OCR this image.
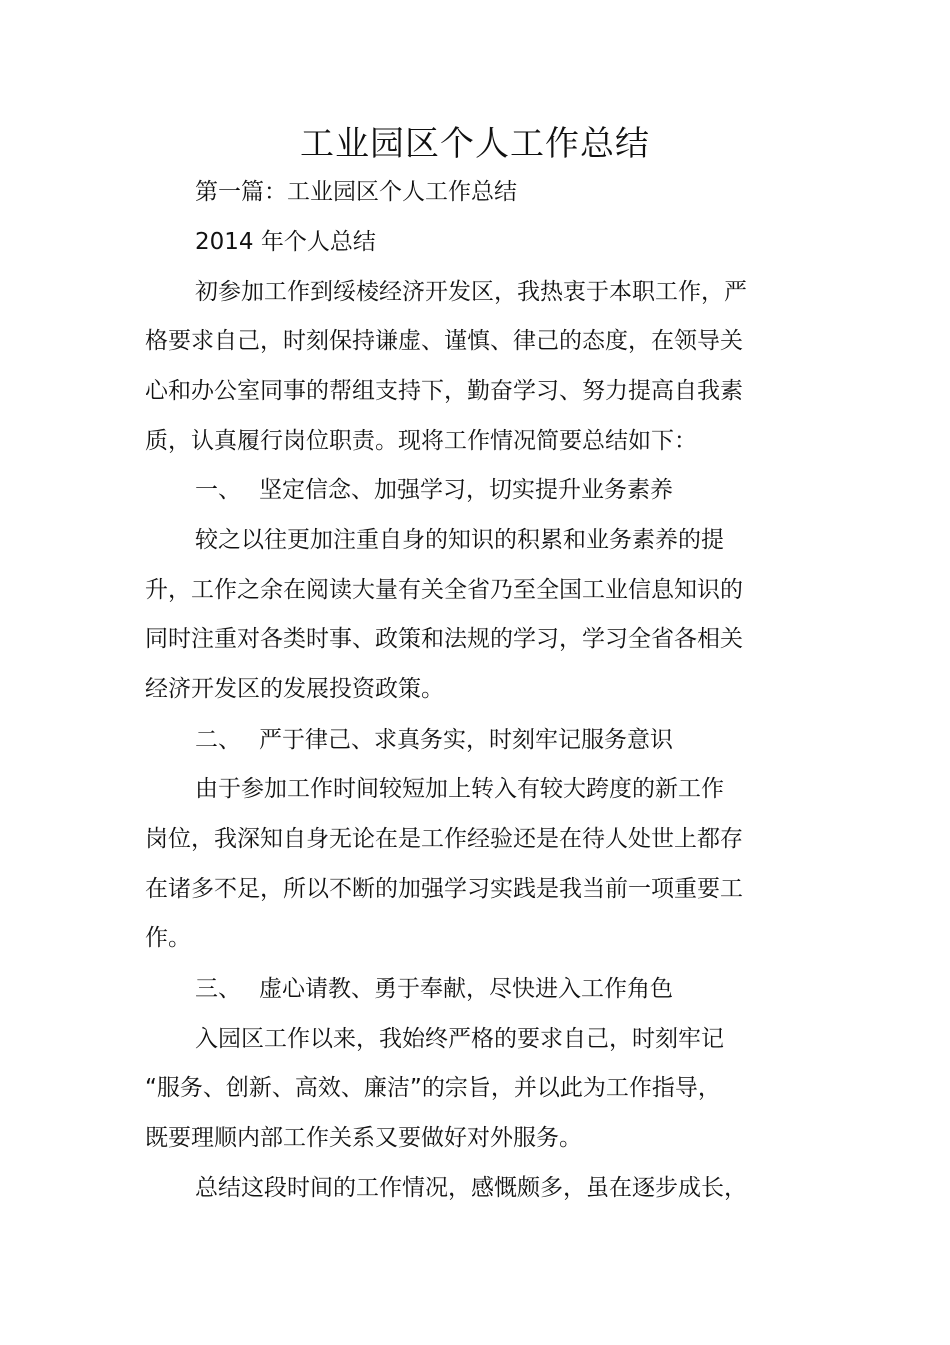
工业园区个人工作总结
第一篇：工业园区个人工作总结
2014 年个人总结
初参加工作到绥棱经济开发区，我热衷于本职工作，严
格要求自己，时刻保持谦虚、谨慎、律己的态度，在领导关
心和办公室同事的帮组支持下，勤奋学习、努力提高自我素
质，认真履行岗位职责。现将工作情况简要总结如下：
一、 坚定信念、加强学习，切实提升业务素养
较之以往更加注重自身的知识的积累和业务素养的提
升，工作之余在阅读大量有关全省乃至全国工业信息知识的
同时注重对各类时事、政策和法规的学习，学习全省各相关
经济开发区的发展投资政策。
二、 严于律己、求真务实，时刻牢记服务意识
由于参加工作时间较短加上转入有较大跨度的新工作
岗位，我深知自身无论在是工作经验还是在待人处世上都存
在诸多不足，所以不断的加强学习实践是我当前一项重要工
作。
三、 虚心请教、勇于奉献，尽快进入工作角色
入园区工作以来，我始终严格的要求自己，时刻牢记
“服务、创新、高效、廉洁”的宗旨，并以此为工作指导，
既要理顺内部工作关系又要做好对外服务。
总结这段时间的工作情况，感慨颇多，虽在逐步成长，
